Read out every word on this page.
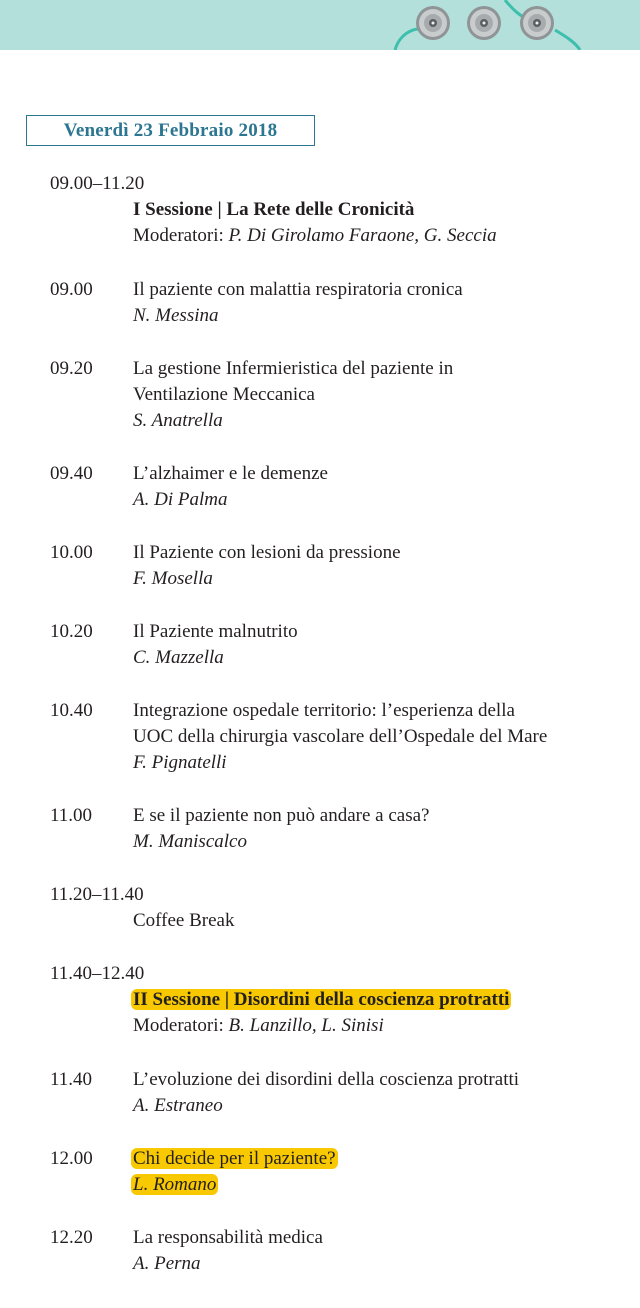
Venerdì 23 Febbraio 2018
09.00–11.20
I Sessione | La Rete delle Cronicità
Moderatori: P. Di Girolamo Faraone, G. Seccia
09.00 Il paziente con malattia respiratoria cronica
N. Messina
09.20 La gestione Infermieristica del paziente in
Ventilazione Meccanica
S. Anatrella
09.40 L’alzhaimer e le demenze
A. Di Palma
10.00 Il Paziente con lesioni da pressione
F. Mosella
10.20 Il Paziente malnutrito
C. Mazzella
10.40 Integrazione ospedale territorio: l’esperienza della
UOC della chirurgia vascolare dell’Ospedale del Mare
F. Pignatelli
11.00 E se il paziente non può andare a casa?
M. Maniscalco
11.20–11.40
Coffee Break
11.40–12.40
II Sessione | Disordini della coscienza protratti
Moderatori: B. Lanzillo, L. Sinisi
11.40 L’evoluzione dei disordini della coscienza protratti
A. Estraneo
12.00 Chi decide per il paziente?
L. Romano
12.20 La responsabilità medica
A. Perna
